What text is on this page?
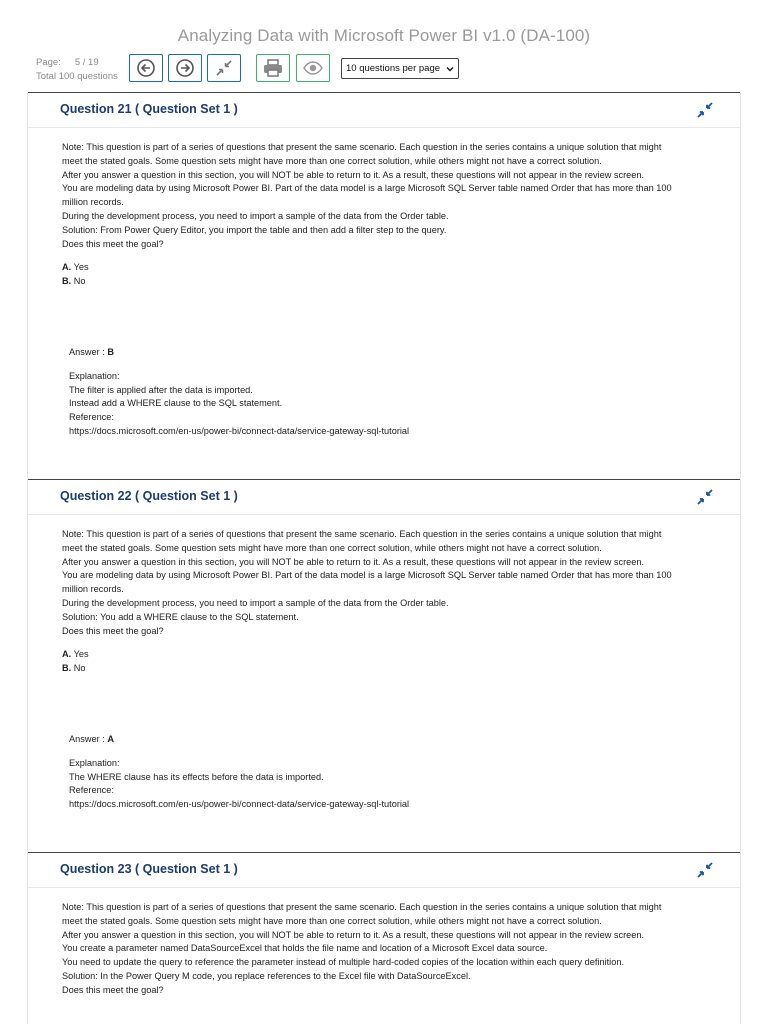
Analyzing Data with Microsoft Power BI v1.0 (DA-100)
Page: 5 / 19
Total 100 questions
10 questions per page
Question 21 ( Question Set 1 )

Note: This question is part of a series of questions that present the same scenario. Each question in the series contains a unique solution that might

meet the stated goals. Some question sets might have more than one correct solution, while others might not have a correct solution.

After you answer a question in this section, you will NOT be able to return to it. As a result, these questions will not appear in the review screen.

You are modeling data by using Microsoft Power BI. Part of the data model is a large Microsoft SQL Server table named Order that has more than 100

million records.

During the development process, you need to import a sample of the data from the Order table.

Solution: From Power Query Editor, you import the table and then add a filter step to the query.

Does this meet the goal?

A. Yes

B. No

Answer : B

Explanation:

The filter is applied after the data is imported.

Instead add a WHERE clause to the SQL statement.

Reference:

https://docs.microsoft.com/en-us/power-bi/connect-data/service-gateway-sql-tutorial

Question 22 ( Question Set 1 )

Note: This question is part of a series of questions that present the same scenario. Each question in the series contains a unique solution that might

meet the stated goals. Some question sets might have more than one correct solution, while others might not have a correct solution.

After you answer a question in this section, you will NOT be able to return to it. As a result, these questions will not appear in the review screen.

You are modeling data by using Microsoft Power BI. Part of the data model is a large Microsoft SQL Server table named Order that has more than 100

million records.

During the development process, you need to import a sample of the data from the Order table.

Solution: You add a WHERE clause to the SQL statement.

Does this meet the goal?

A. Yes

B. No

Answer : A

Explanation:

The WHERE clause has its effects before the data is imported.

Reference:

https://docs.microsoft.com/en-us/power-bi/connect-data/service-gateway-sql-tutorial

Question 23 ( Question Set 1 )

Note: This question is part of a series of questions that present the same scenario. Each question in the series contains a unique solution that might

meet the stated goals. Some question sets might have more than one correct solution, while others might not have a correct solution.

After you answer a question in this section, you will NOT be able to return to it. As a result, these questions will not appear in the review screen.

You create a parameter named DataSourceExcel that holds the file name and location of a Microsoft Excel data source.

You need to update the query to reference the parameter instead of multiple hard-coded copies of the location within each query definition.

Solution: In the Power Query M code, you replace references to the Excel file with DataSourceExcel.

Does this meet the goal?
